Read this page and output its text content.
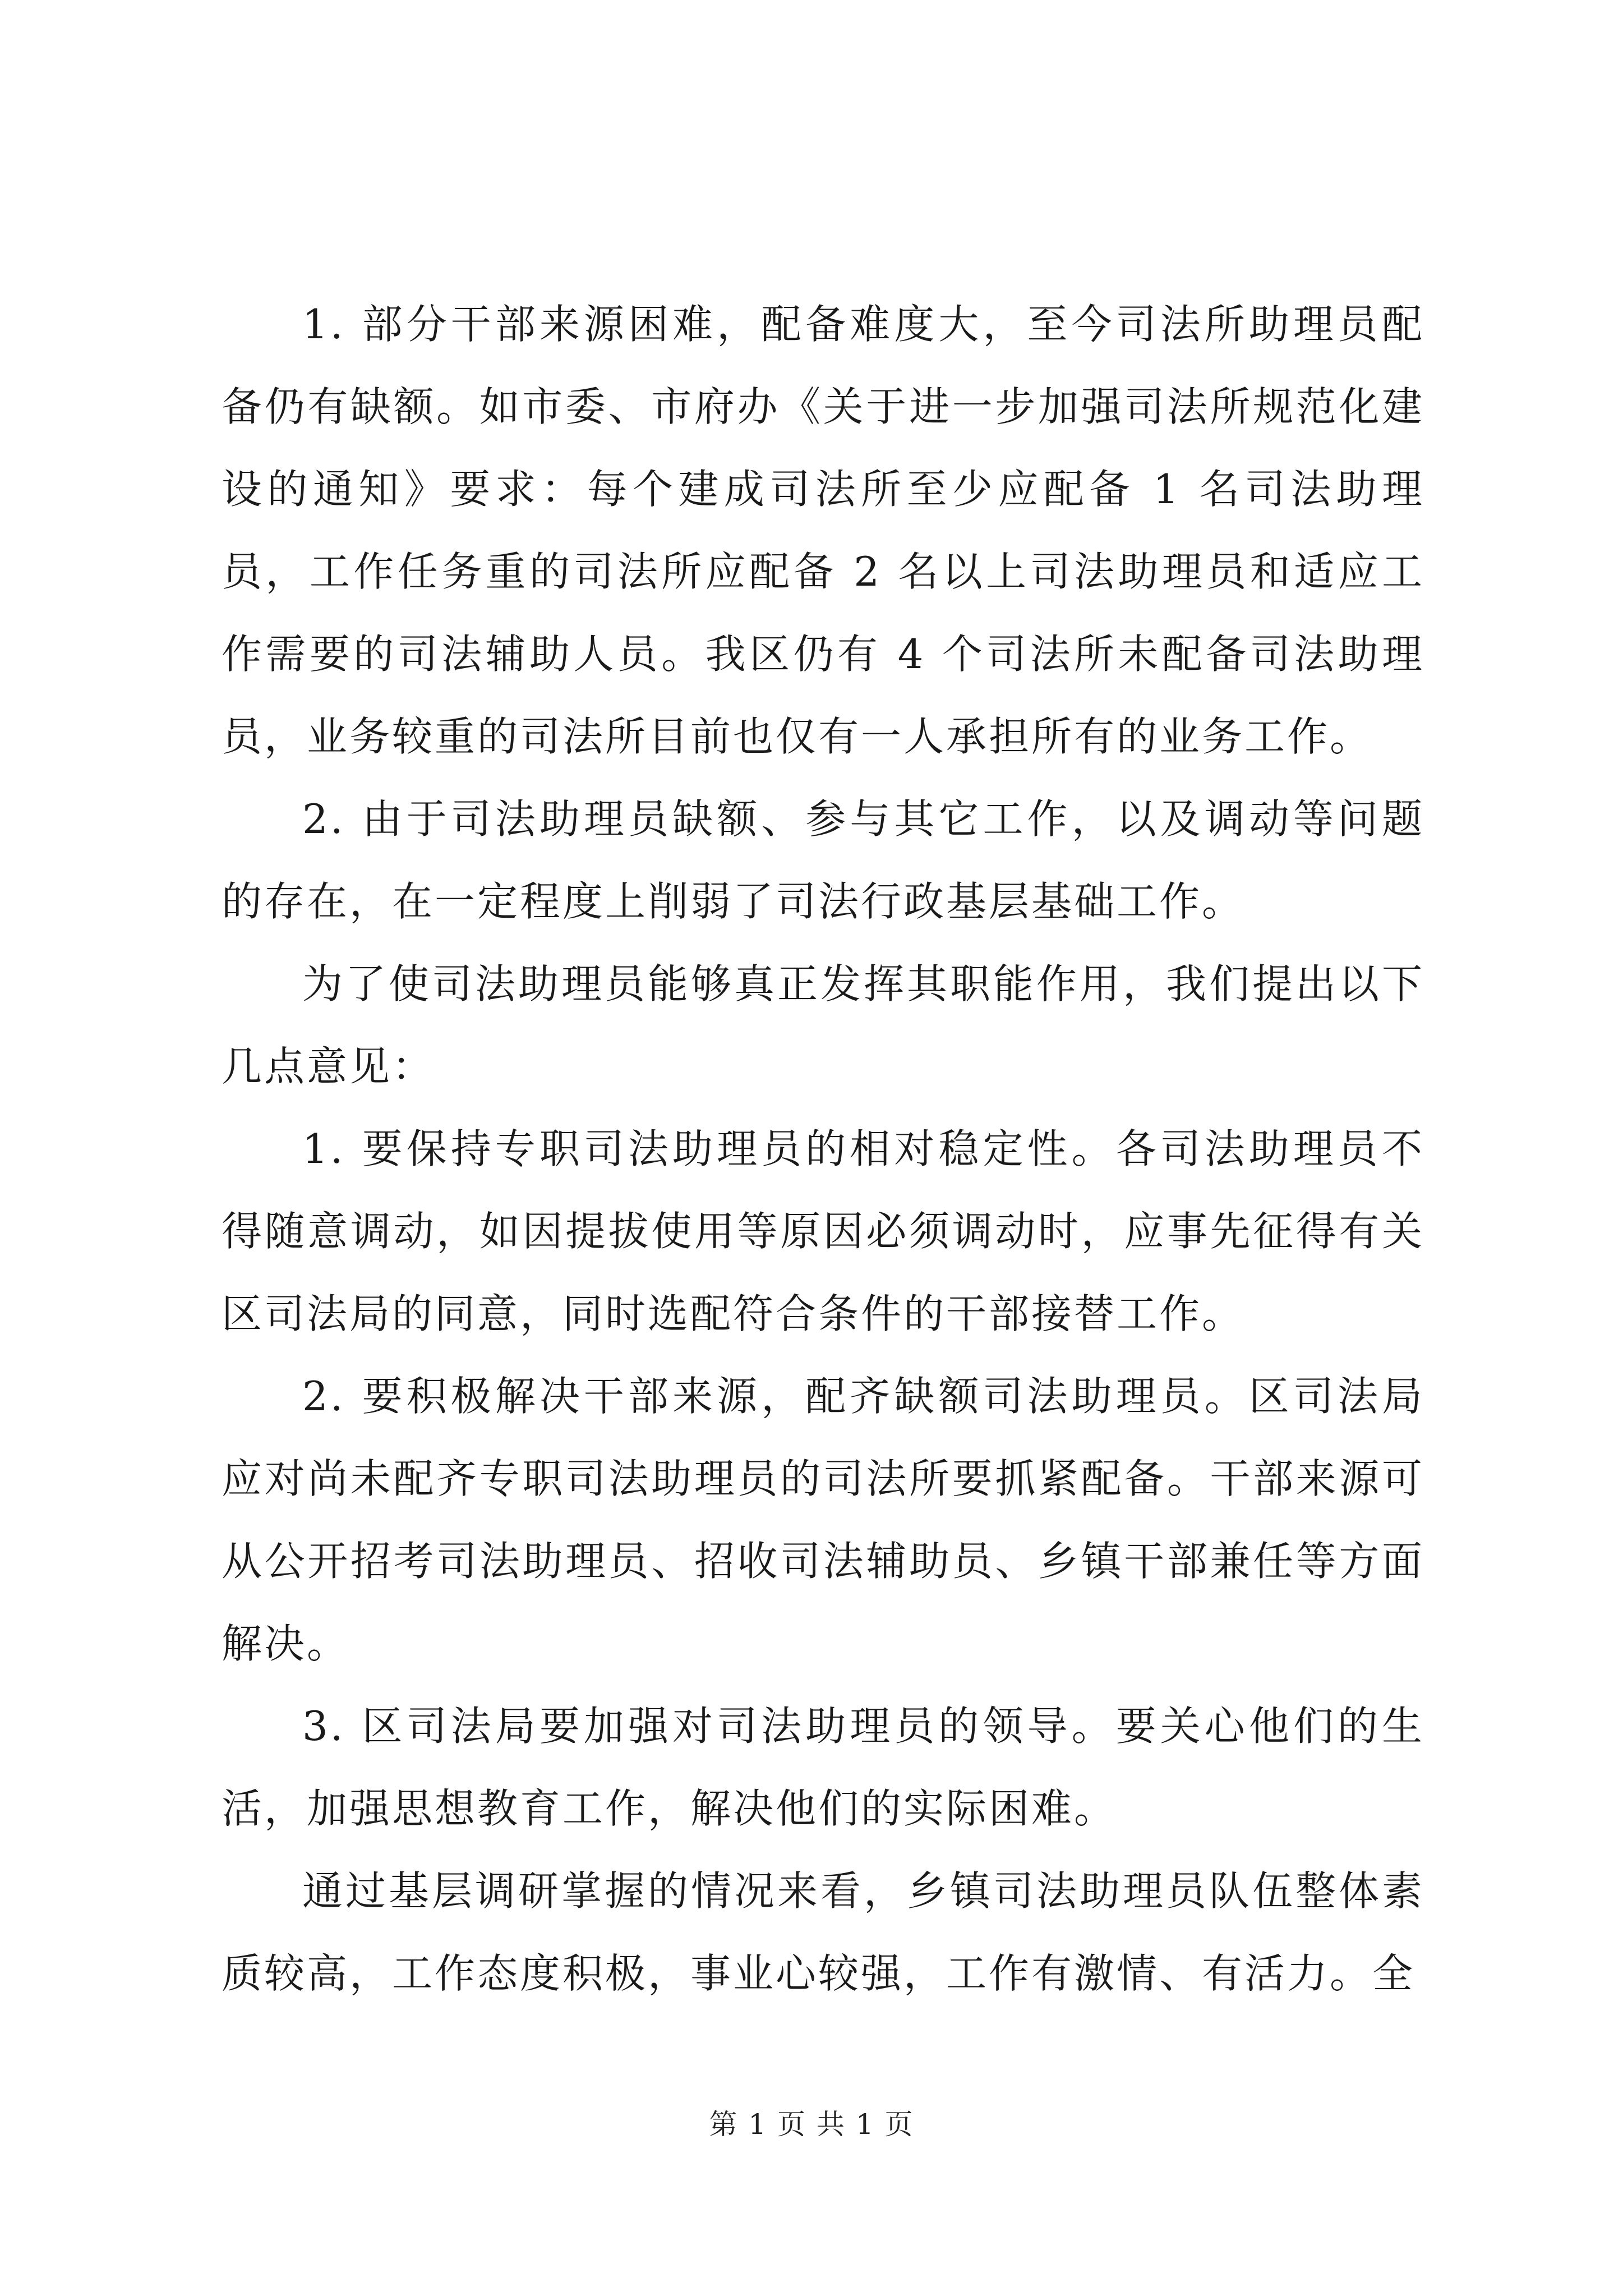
1. 部分干部来源困难，配备难度大，至今司法所助理员配备仍有缺额。如市委、市府办《关于进一步加强司法所规范化建设的通知》要求：每个建成司法所至少应配备 1 名司法助理员，工作任务重的司法所应配备 2 名以上司法助理员和适应工作需要的司法辅助人员。我区仍有 4 个司法所未配备司法助理员，业务较重的司法所目前也仅有一人承担所有的业务工作。

2. 由于司法助理员缺额、参与其它工作，以及调动等问题的存在，在一定程度上削弱了司法行政基层基础工作。

为了使司法助理员能够真正发挥其职能作用，我们提出以下几点意见：

1. 要保持专职司法助理员的相对稳定性。各司法助理员不得随意调动，如因提拔使用等原因必须调动时，应事先征得有关区司法局的同意，同时选配符合条件的干部接替工作。

2. 要积极解决干部来源，配齐缺额司法助理员。区司法局应对尚未配齐专职司法助理员的司法所要抓紧配备。干部来源可从公开招考司法助理员、招收司法辅助员、乡镇干部兼任等方面解决。

3. 区司法局要加强对司法助理员的领导。要关心他们的生活，加强思想教育工作，解决他们的实际困难。

通过基层调研掌握的情况来看，乡镇司法助理员队伍整体素质较高，工作态度积极，事业心较强，工作有激情、有活力。全

第 1 页 共 1 页
